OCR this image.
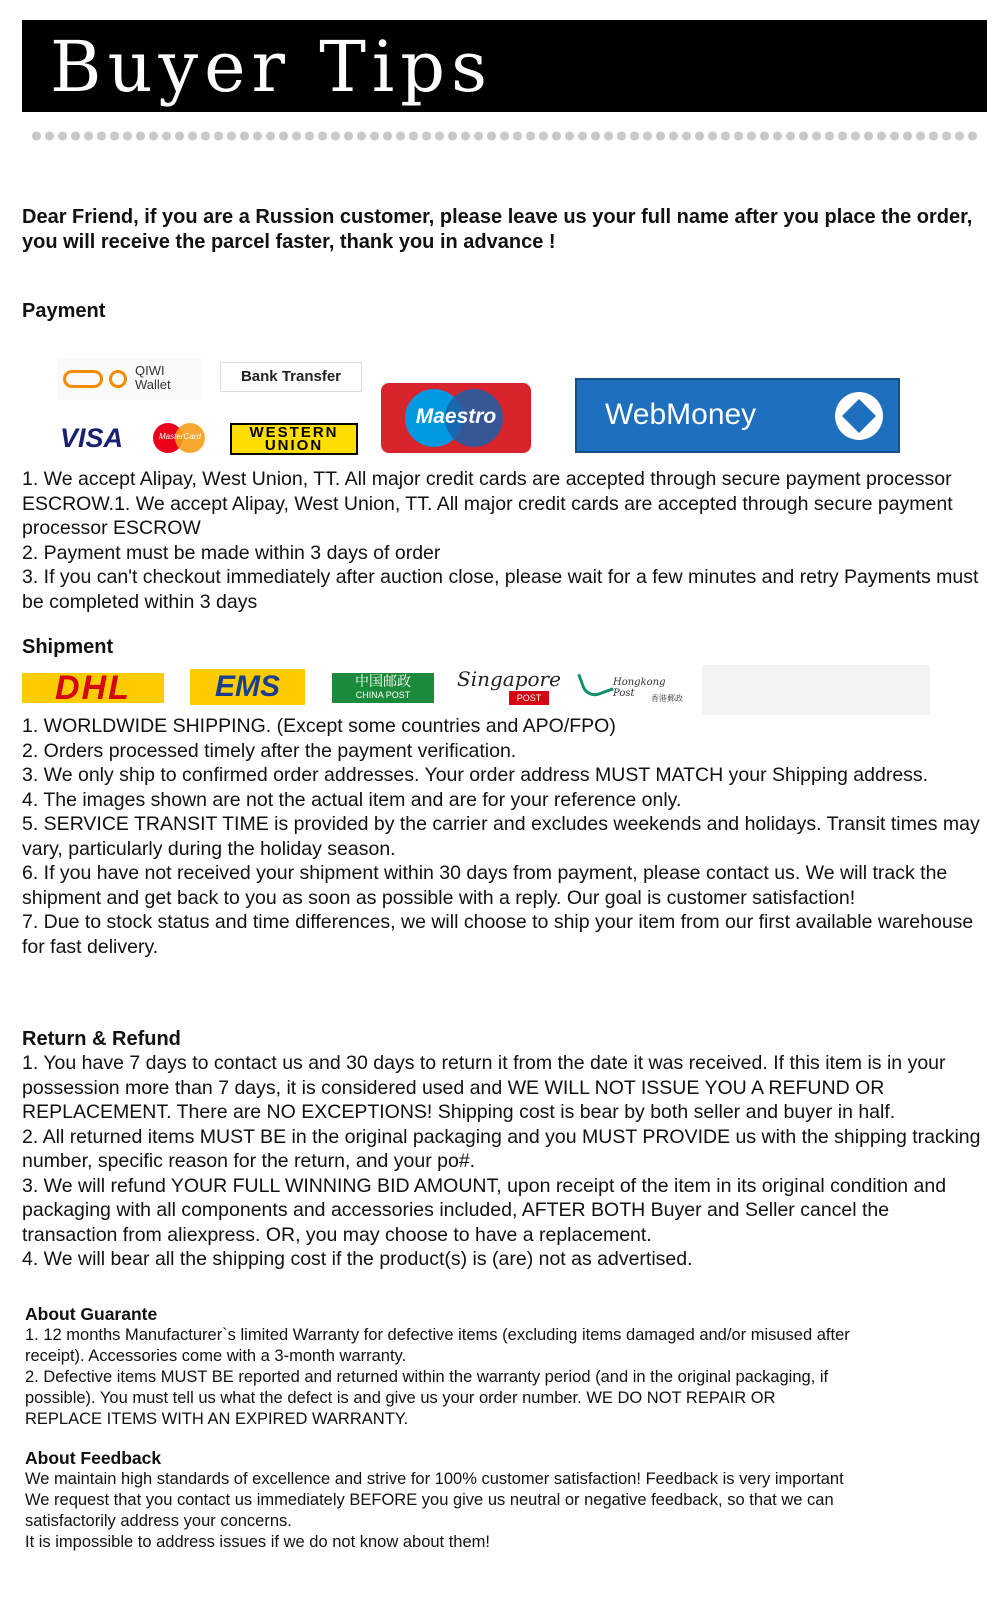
Buyer Tips
Dear Friend, if you are a Russion customer, please leave us your full name after you place the order, you will receive the parcel faster, thank you in advance !
Payment
QIWI Wallet	Bank Transfer
VISA	MasterCard	WESTERN UNION
Maestro	WebMoney
1. We accept Alipay, West Union, TT. All major credit cards are accepted through secure payment processor ESCROW.1. We accept Alipay, West Union, TT. All major credit cards are accepted through secure payment processor ESCROW
2. Payment must be made within 3 days of order
3. If you can't checkout immediately after auction close, please wait for a few minutes and retry Payments must be completed within 3 days
Shipment
DHL	EMS	中国邮政
CHINA POST
Singapore
POST
Hongkong Post	香港郵政
1. WORLDWIDE SHIPPING. (Except some countries and APO/FPO)
2. Orders processed timely after the payment verification.
3. We only ship to confirmed order addresses. Your order address MUST MATCH your Shipping address.
4. The images shown are not the actual item and are for your reference only.
5. SERVICE TRANSIT TIME is provided by the carrier and excludes weekends and holidays. Transit times may vary, particularly during the holiday season.
6. If you have not received your shipment within 30 days from payment, please contact us. We will track the shipment and get back to you as soon as possible with a reply. Our goal is customer satisfaction!
7. Due to stock status and time differences, we will choose to ship your item from our first available warehouse for fast delivery.
Return & Refund
1. You have 7 days to contact us and 30 days to return it from the date it was received. If this item is in your possession more than 7 days, it is considered used and WE WILL NOT ISSUE YOU A REFUND OR REPLACEMENT. There are NO EXCEPTIONS! Shipping cost is bear by both seller and buyer in half.
2. All returned items MUST BE in the original packaging and you MUST PROVIDE us with the shipping tracking number, specific reason for the return, and your po#.
3. We will refund YOUR FULL WINNING BID AMOUNT, upon receipt of the item in its original condition and packaging with all components and accessories included, AFTER BOTH Buyer and Seller cancel the transaction from aliexpress. OR, you may choose to have a replacement.
4. We will bear all the shipping cost if the product(s) is (are) not as advertised.
About Guarante
1. 12 months Manufacturer`s limited Warranty for defective items (excluding items damaged and/or misused after receipt). Accessories come with a 3-month warranty.
2. Defective items MUST BE reported and returned within the warranty period (and in the original packaging, if possible). You must tell us what the defect is and give us your order number. WE DO NOT REPAIR OR REPLACE ITEMS WITH AN EXPIRED WARRANTY.
About Feedback
We maintain high standards of excellence and strive for 100% customer satisfaction! Feedback is very important We request that you contact us immediately BEFORE you give us neutral or negative feedback, so that we can satisfactorily address your concerns.
It is impossible to address issues if we do not know about them!
